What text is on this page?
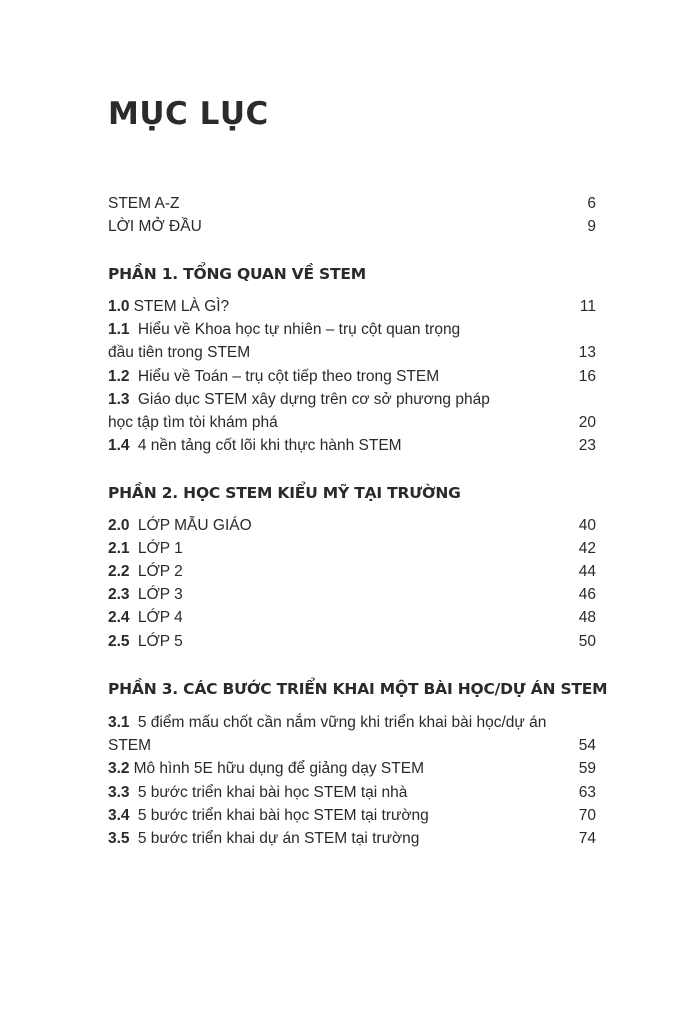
MỤC LỤC
STEM A-Z	6
LỜI MỞ ĐẦU	9
PHẦN 1. TỔNG QUAN VỀ STEM
1.0 STEM LÀ GÌ?	11
1.1 Hiểu về Khoa học tự nhiên – trụ cột quan trọng
đầu tiên trong STEM	13
1.2 Hiểu về Toán – trụ cột tiếp theo trong STEM	16
1.3 Giáo dục STEM xây dựng trên cơ sở phương pháp
học tập tìm tòi khám phá	20
1.4 4 nền tảng cốt lõi khi thực hành STEM	23
PHẦN 2. HỌC STEM KIỂU MỸ TẠI TRƯỜNG
2.0 LỚP MẪU GIÁO	40
2.1 LỚP 1	42
2.2 LỚP 2	44
2.3 LỚP 3	46
2.4 LỚP 4	48
2.5 LỚP 5	50
PHẦN 3. CÁC BƯỚC TRIỂN KHAI MỘT BÀI HỌC/DỰ ÁN STEM
3.1 5 điểm mấu chốt cần nắm vững khi triển khai bài học/dự án
STEM	54
3.2 Mô hình 5E hữu dụng để giảng dạy STEM	59
3.3 5 bước triển khai bài học STEM tại nhà	63
3.4 5 bước triển khai bài học STEM tại trường	70
3.5 5 bước triển khai dự án STEM tại trường	74
